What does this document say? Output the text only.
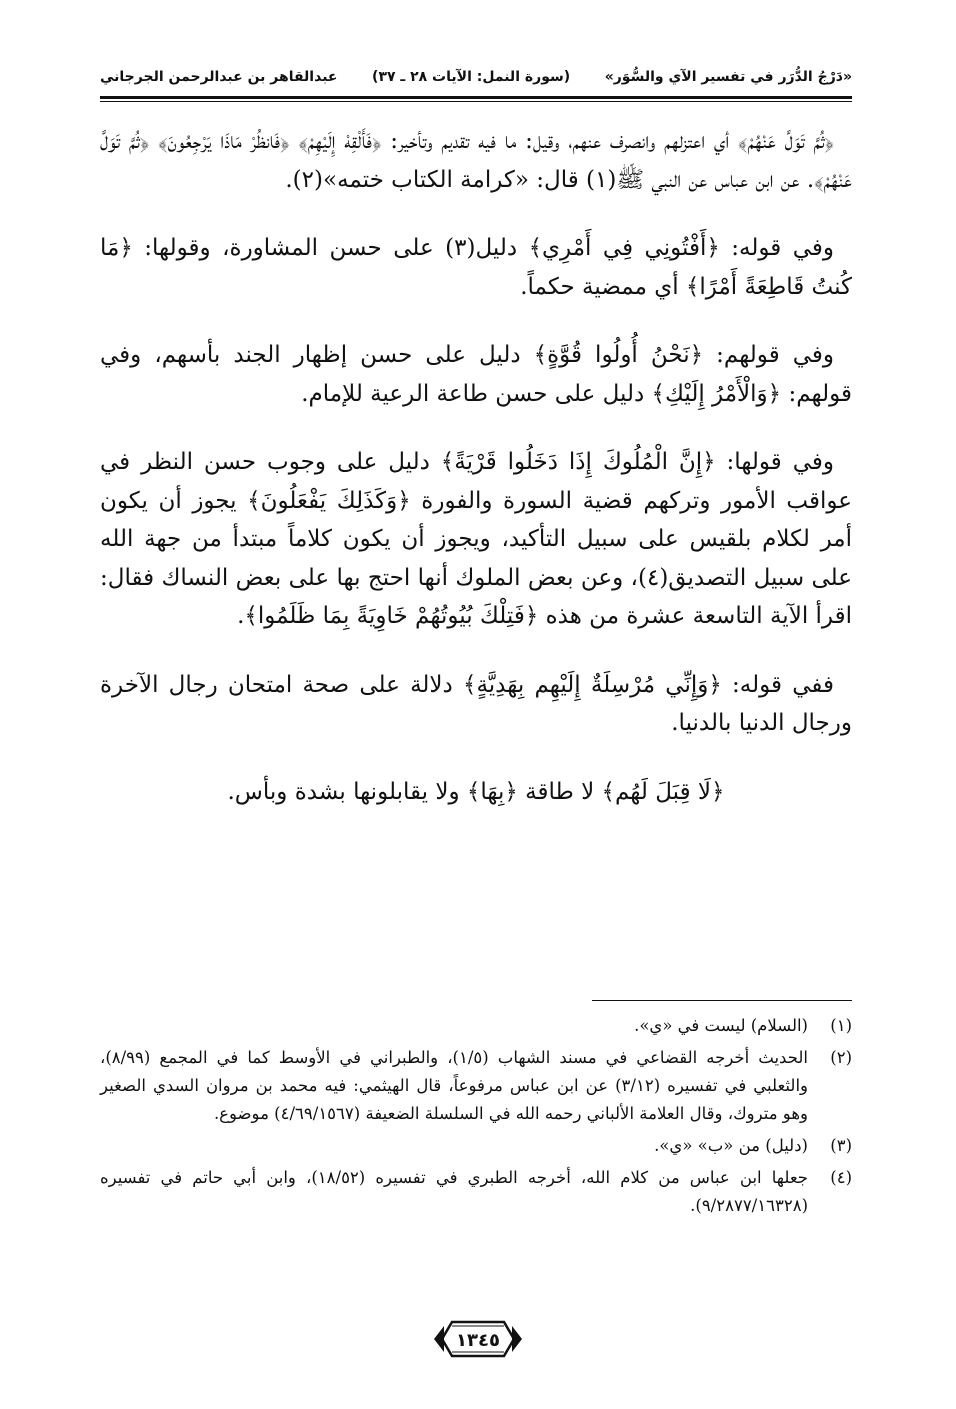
«دَرْجُ الدُّرَر في تفسير الآي والسُّوَر»
(سورة النمل: الآيات ٢٨ ـ ٣٧)
عبدالقاهر بن عبدالرحمن الجرجاني

﴿ثُمَّ تَوَلَّ عَنْهُمْ﴾ أي اعتزلهم وانصرف عنهم، وقيل: ما فيه تقديم وتأخير: ﴿فَأَلْقِهْ إِلَيْهِمْ﴾ ﴿فَانظُرْ مَاذَا يَرْجِعُونَ﴾ ﴿ثُمَّ تَوَلَّ عَنْهُمْ﴾. عن ابن عباس عن النبي ﷺ(١) قال: «كرامة الكتاب ختمه»(٢).

وفي قوله: ﴿أَفْتُونِي فِي أَمْرِي﴾ دليل(٣) على حسن المشاورة، وقولها: ﴿مَا كُنتُ قَاطِعَةً أَمْرًا﴾ أي ممضية حكماً.

وفي قولهم: ﴿نَحْنُ أُولُوا قُوَّةٍ﴾ دليل على حسن إظهار الجند بأسهم، وفي قولهم: ﴿وَالْأَمْرُ إِلَيْكِ﴾ دليل على حسن طاعة الرعية للإمام.

وفي قولها: ﴿إِنَّ الْمُلُوكَ إِذَا دَخَلُوا قَرْيَةً﴾ دليل على وجوب حسن النظر في عواقب الأمور وتركهم قضية السورة والفورة ﴿وَكَذَلِكَ يَفْعَلُونَ﴾ يجوز أن يكون أمر لكلام بلقيس على سبيل التأكيد، ويجوز أن يكون كلاماً مبتدأ من جهة الله على سبيل التصديق(٤)، وعن بعض الملوك أنها احتج بها على بعض النساك فقال: اقرأ الآية التاسعة عشرة من هذه ﴿فَتِلْكَ بُيُوتُهُمْ خَاوِيَةً بِمَا ظَلَمُوا﴾.

ففي قوله: ﴿وَإِنِّي مُرْسِلَةٌ إِلَيْهِم بِهَدِيَّةٍ﴾ دلالة على صحة امتحان رجال الآخرة ورجال الدنيا بالدنيا.

﴿لَا قِبَلَ لَهُم﴾ لا طاقة ﴿بِهَا﴾ ولا يقابلونها بشدة وبأس.

(١)
(السلام) ليست في «ي».
(٢)
الحديث أخرجه القضاعي في مسند الشهاب (١/٥)، والطبراني في الأوسط كما في المجمع (٨/٩٩)، والثعلبي في تفسيره (٣/١٢) عن ابن عباس مرفوعاً، قال الهيثمي: فيه محمد بن مروان السدي الصغير وهو متروك، وقال العلامة الألباني رحمه الله في السلسلة الضعيفة (٤/٦٩/١٥٦٧) موضوع.
(٣)
(دليل) من «ب» «ي».
(٤)
جعلها ابن عباس من كلام الله، أخرجه الطبري في تفسيره (١٨/٥٢)، وابن أبي حاتم في تفسيره (٩/٢٨٧٧/١٦٣٢٨).
١٣٤٥
